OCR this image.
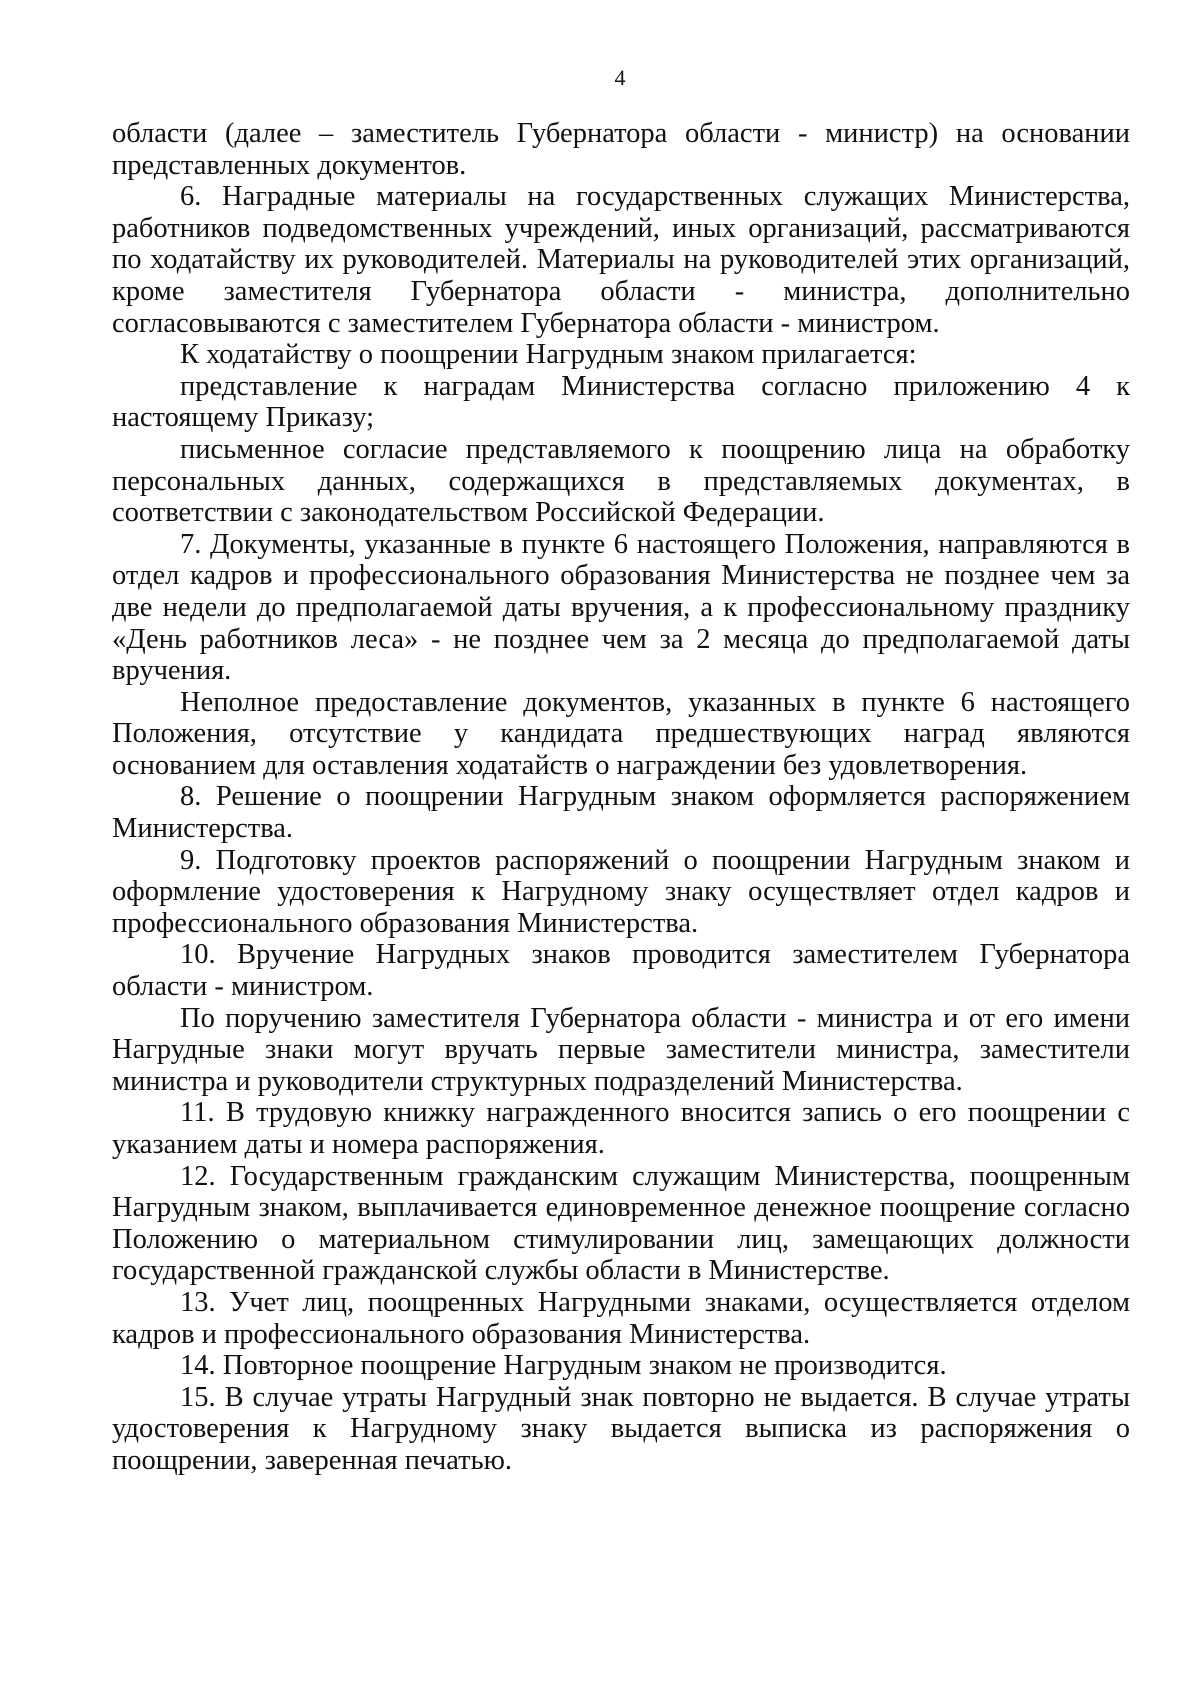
4

области (далее – заместитель Губернатора области - министр) на основании представленных документов.

6. Наградные материалы на государственных служащих Министерства, работников подведомственных учреждений, иных организаций, рассматриваются по ходатайству их руководителей. Материалы на руководителей этих организаций, кроме заместителя Губернатора области - министра, дополнительно согласовываются с заместителем Губернатора области - министром.

К ходатайству о поощрении Нагрудным знаком прилагается:

представление к наградам Министерства согласно приложению 4 к настоящему Приказу;

письменное согласие представляемого к поощрению лица на обработку персональных данных, содержащихся в представляемых документах, в соответствии с законодательством Российской Федерации.

7. Документы, указанные в пункте 6 настоящего Положения, направляются в отдел кадров и профессионального образования Министерства не позднее чем за две недели до предполагаемой даты вручения, а к профессиональному празднику «День работников леса» - не позднее чем за 2 месяца до предполагаемой даты вручения.

Неполное предоставление документов, указанных в пункте 6 настоящего Положения, отсутствие у кандидата предшествующих наград являются основанием для оставления ходатайств о награждении без удовлетворения.

8. Решение о поощрении Нагрудным знаком оформляется распоряжением Министерства.

9. Подготовку проектов распоряжений о поощрении Нагрудным знаком и оформление удостоверения к Нагрудному знаку осуществляет отдел кадров и профессионального образования Министерства.

10. Вручение Нагрудных знаков проводится заместителем Губернатора области - министром.

По поручению заместителя Губернатора области - министра и от его имени Нагрудные знаки могут вручать первые заместители министра, заместители министра и руководители структурных подразделений Министерства.

11. В трудовую книжку награжденного вносится запись о его поощрении с указанием даты и номера распоряжения.

12. Государственным гражданским служащим Министерства, поощренным Нагрудным знаком, выплачивается единовременное денежное поощрение согласно Положению о материальном стимулировании лиц, замещающих должности государственной гражданской службы области в Министерстве.

13. Учет лиц, поощренных Нагрудными знаками, осуществляется отделом кадров и профессионального образования Министерства.

14. Повторное поощрение Нагрудным знаком не производится.

15. В случае утраты Нагрудный знак повторно не выдается. В случае утраты удостоверения к Нагрудному знаку выдается выписка из распоряжения о поощрении, заверенная печатью.
